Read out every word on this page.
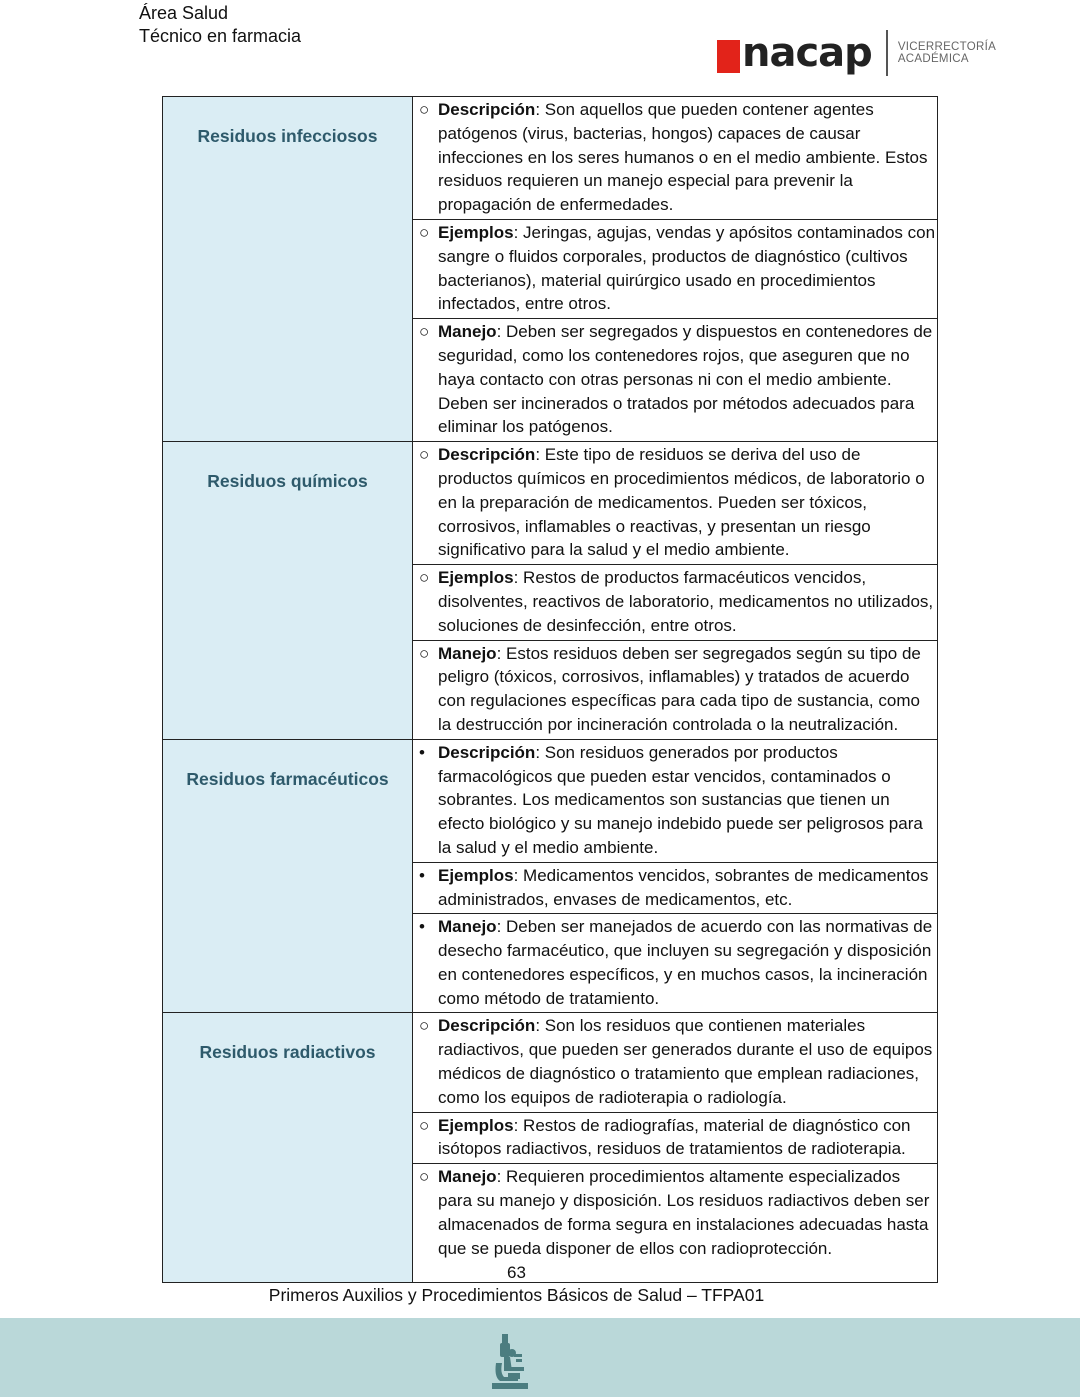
Área Salud
Técnico en farmacia	nacap VICERRECTORÍA
ACADÉMICA
Residuos infecciosos	○ Descripción: Son aquellos que pueden contener agentes patógenos (virus, bacterias, hongos) capaces de causar infecciones en los seres humanos o en el medio ambiente. Estos residuos requieren un manejo especial para prevenir la propagación de enfermedades.

	○ Ejemplos: Jeringas, agujas, vendas y apósitos contaminados con sangre o fluidos corporales, productos de diagnóstico (cultivos bacterianos), material quirúrgico usado en procedimientos infectados, entre otros.

	○ Manejo: Deben ser segregados y dispuestos en contenedores de seguridad, como los contenedores rojos, que aseguren que no haya contacto con otras personas ni con el medio ambiente. Deben ser incinerados o tratados por métodos adecuados para eliminar los patógenos.

Residuos químicos	○ Descripción: Este tipo de residuos se deriva del uso de productos químicos en procedimientos médicos, de laboratorio o en la preparación de medicamentos. Pueden ser tóxicos, corrosivos, inflamables o reactivas, y presentan un riesgo significativo para la salud y el medio ambiente.

	○ Ejemplos: Restos de productos farmacéuticos vencidos, disolventes, reactivos de laboratorio, medicamentos no utilizados, soluciones de desinfección, entre otros.

	○ Manejo: Estos residuos deben ser segregados según su tipo de peligro (tóxicos, corrosivos, inflamables) y tratados de acuerdo con regulaciones específicas para cada tipo de sustancia, como la destrucción por incineración controlada o la neutralización.

Residuos farmacéuticos	• Descripción: Son residuos generados por productos farmacológicos que pueden estar vencidos, contaminados o sobrantes. Los medicamentos son sustancias que tienen un efecto biológico y su manejo indebido puede ser peligrosos para la salud y el medio ambiente.

	• Ejemplos: Medicamentos vencidos, sobrantes de medicamentos administrados, envases de medicamentos, etc.

	• Manejo: Deben ser manejados de acuerdo con las normativas de desecho farmacéutico, que incluyen su segregación y disposición en contenedores específicos, y en muchos casos, la incineración como método de tratamiento.

Residuos radiactivos	○ Descripción: Son los residuos que contienen materiales radiactivos, que pueden ser generados durante el uso de equipos médicos de diagnóstico o tratamiento que emplean radiaciones, como los equipos de radioterapia o radiología.

	○ Ejemplos: Restos de radiografías, material de diagnóstico con isótopos radiactivos, residuos de tratamientos de radioterapia.

	○ Manejo: Requieren procedimientos altamente especializados para su manejo y disposición. Los residuos radiactivos deben ser almacenados de forma segura en instalaciones adecuadas hasta que se pueda disponer de ellos con radioprotección.
63
Primeros Auxilios y Procedimientos Básicos de Salud – TFPA01
